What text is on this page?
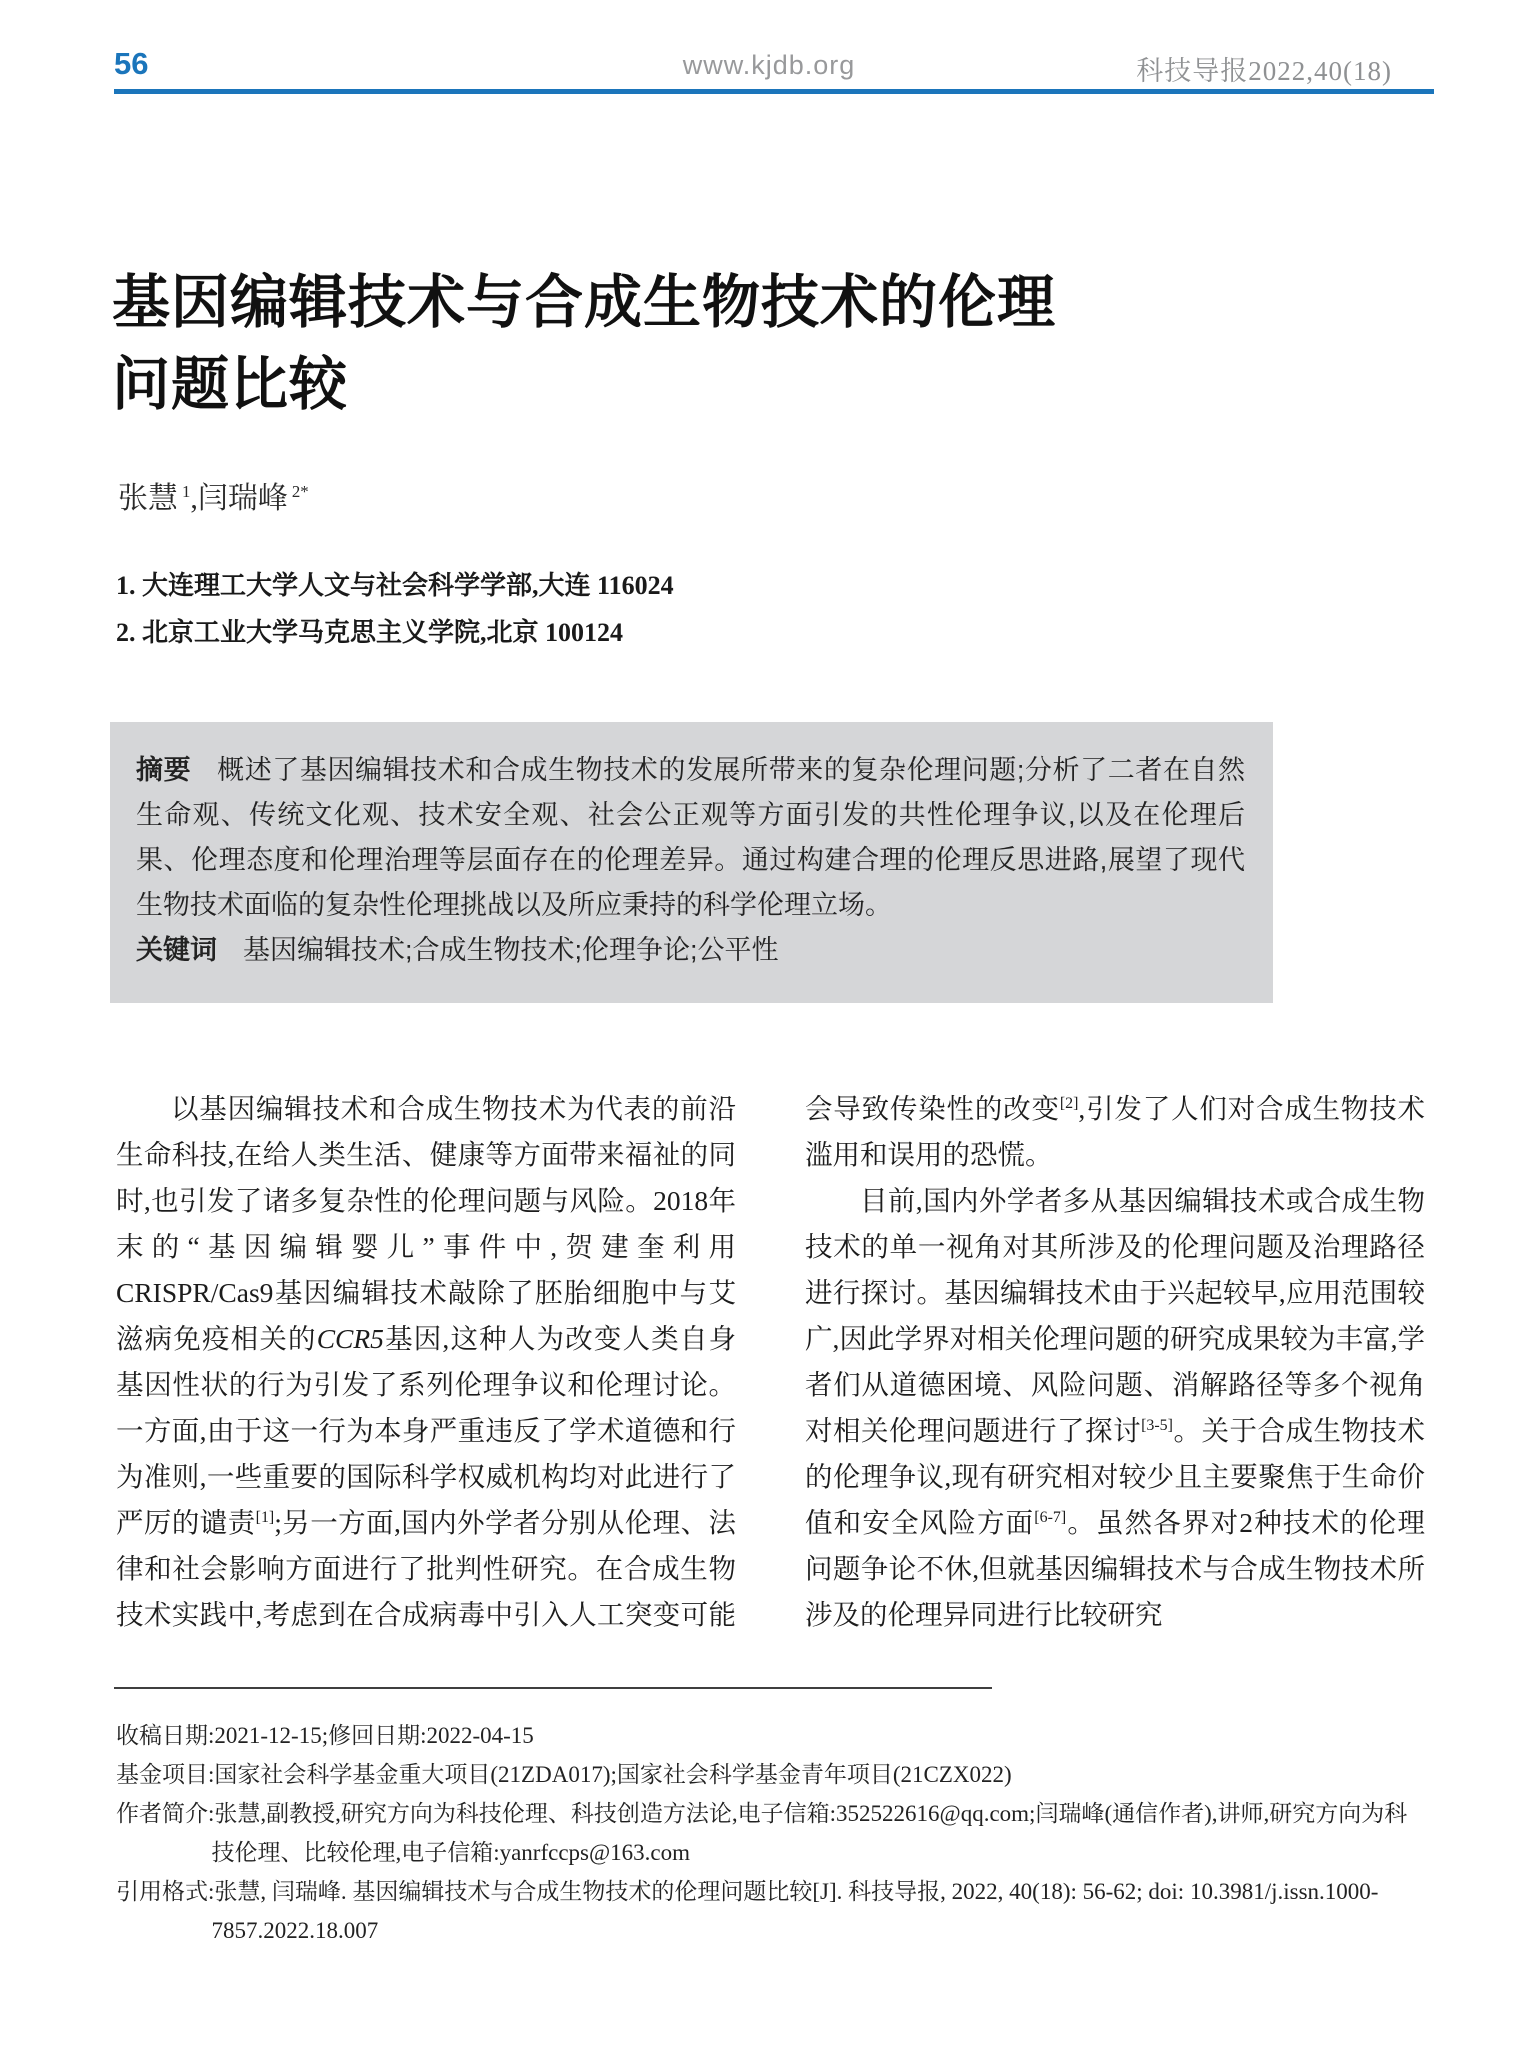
56	www.kjdb.org	科技导报2022,40(18)
基因编辑技术与合成生物技术的伦理
问题比较
张慧 $^1$,闫瑞峰 $^{2*}$
1. 大连理工大学人文与社会科学学部,大连 116024
2. 北京工业大学马克思主义学院,北京 100124

摘要 概述了基因编辑技术和合成生物技术的发展所带来的复杂伦理问题;分析了二者在自然生命观、传统文化观、技术安全观、社会公正观等方面引发的共性伦理争议,以及在伦理后果、伦理态度和伦理治理等层面存在的伦理差异。通过构建合理的伦理反思进路,展望了现代生物技术面临的复杂性伦理挑战以及所应秉持的科学伦理立场。

关键词 基因编辑技术;合成生物技术;伦理争论;公平性

以基因编辑技术和合成生物技术为代表的前沿生命科技,在给人类生活、健康等方面带来福祉的同时,也引发了诸多复杂性的伦理问题与风险。2018年末的“基因编辑婴儿”事件中,贺建奎利用CRISPR/Cas9基因编辑技术敲除了胚胎细胞中与艾滋病免疫相关的CCR5基因,这种人为改变人类自身基因性状的行为引发了系列伦理争议和伦理讨论。一方面,由于这一行为本身严重违反了学术道德和行为准则,一些重要的国际科学权威机构均对此进行了严厉的谴责[1];另一方面,国内外学者分别从伦理、法律和社会影响方面进行了批判性研究。在合成生物技术实践中,考虑到在合成病毒中引入人工突变可能会导致传染性的改变[2],引发了人们对合成生物技术滥用和误用的恐慌。

目前,国内外学者多从基因编辑技术或合成生物技术的单一视角对其所涉及的伦理问题及治理路径进行探讨。基因编辑技术由于兴起较早,应用范围较广,因此学界对相关伦理问题的研究成果较为丰富,学者们从道德困境、风险问题、消解路径等多个视角对相关伦理问题进行了探讨[3-5]。关于合成生物技术的伦理争议,现有研究相对较少且主要聚焦于生命价值和安全风险方面[6-7]。虽然各界对2种技术的伦理问题争论不休,但就基因编辑技术与合成生物技术所涉及的伦理异同进行比较研究

收稿日期:2021-12-15;修回日期:2022-04-15

基金项目:国家社会科学基金重大项目(21ZDA017);国家社会科学基金青年项目(21CZX022)

作者简介:张慧,副教授,研究方向为科技伦理、科技创造方法论,电子信箱:352522616@qq.com;闫瑞峰(通信作者),讲师,研究方向为科技伦理、比较伦理,电子信箱:yanrfccps@163.com

引用格式:张慧, 闫瑞峰. 基因编辑技术与合成生物技术的伦理问题比较[J]. 科技导报, 2022, 40(18): 56-62; doi: 10.3981/j.issn.1000-7857.2022.18.007
